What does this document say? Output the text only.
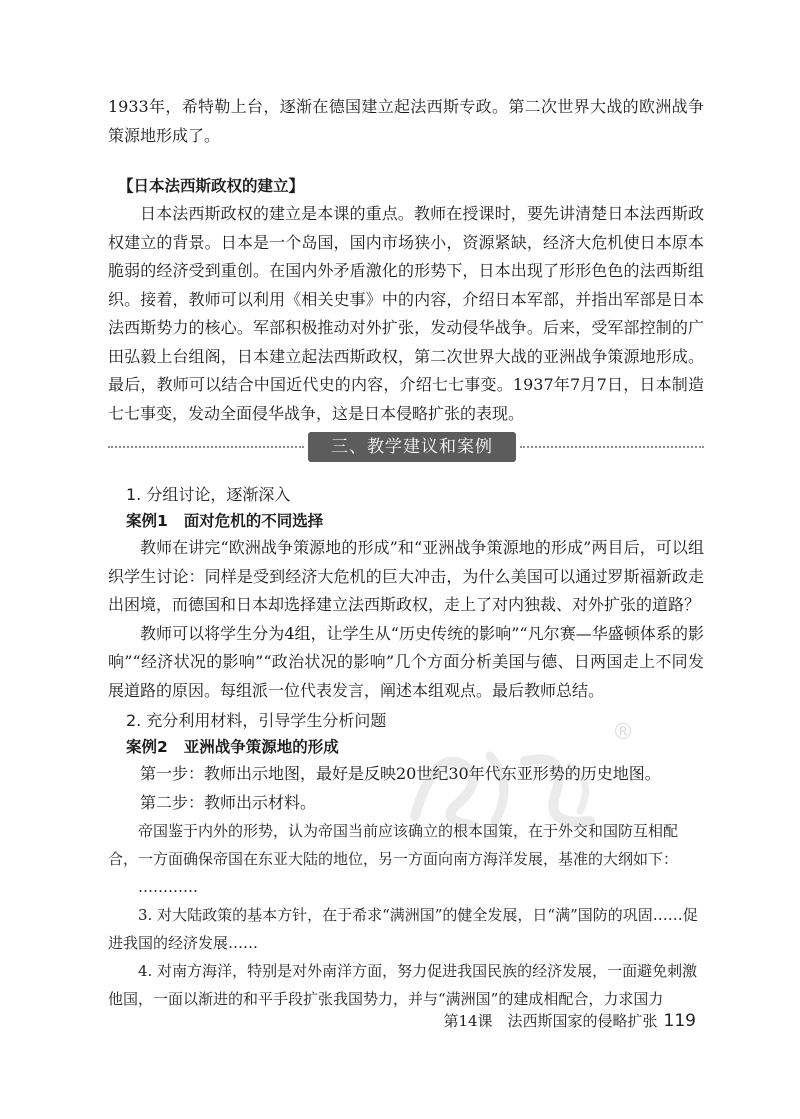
1933年，希特勒上台，逐渐在德国建立起法西斯专政。第二次世界大战的欧洲战争策源地形成了。

【日本法西斯政权的建立】

日本法西斯政权的建立是本课的重点。教师在授课时，要先讲清楚日本法西斯政权建立的背景。日本是一个岛国，国内市场狭小，资源紧缺，经济大危机使日本原本脆弱的经济受到重创。在国内外矛盾激化的形势下，日本出现了形形色色的法西斯组织。接着，教师可以利用《相关史事》中的内容，介绍日本军部，并指出军部是日本法西斯势力的核心。军部积极推动对外扩张，发动侵华战争。后来，受军部控制的广田弘毅上台组阁，日本建立起法西斯政权，第二次世界大战的亚洲战争策源地形成。最后，教师可以结合中国近代史的内容，介绍七七事变。1937年7月7日，日本制造七七事变，发动全面侵华战争，这是日本侵略扩张的表现。

三、教学建议和案例

1. 分组讨论，逐渐深入

案例1 面对危机的不同选择

教师在讲完“欧洲战争策源地的形成”和“亚洲战争策源地的形成”两目后，可以组织学生讨论：同样是受到经济大危机的巨大冲击，为什么美国可以通过罗斯福新政走出困境，而德国和日本却选择建立法西斯政权，走上了对内独裁、对外扩张的道路？

教师可以将学生分为4组，让学生从“历史传统的影响”“凡尔赛—华盛顿体系的影响”“经济状况的影响”“政治状况的影响”几个方面分析美国与德、日两国走上不同发展道路的原因。每组派一位代表发言，阐述本组观点。最后教师总结。

2. 充分利用材料，引导学生分析问题

案例2 亚洲战争策源地的形成

第一步：教师出示地图，最好是反映20世纪30年代东亚形势的历史地图。

第二步：教师出示材料。

帝国鉴于内外的形势，认为帝国当前应该确立的根本国策，在于外交和国防互相配合，一方面确保帝国在东亚大陆的地位，另一方面向南方海洋发展，基准的大纲如下：

…………

3. 对大陆政策的基本方针，在于希求“满洲国”的健全发展，日“满”国防的巩固……促进我国的经济发展……

4. 对南方海洋，特别是对外南洋方面，努力促进我国民族的经济发展，一面避免刺激他国，一面以渐进的和平手段扩张我国势力，并与“满洲国”的建成相配合，力求国力

®
第14课　法西斯国家的侵略扩张 119
